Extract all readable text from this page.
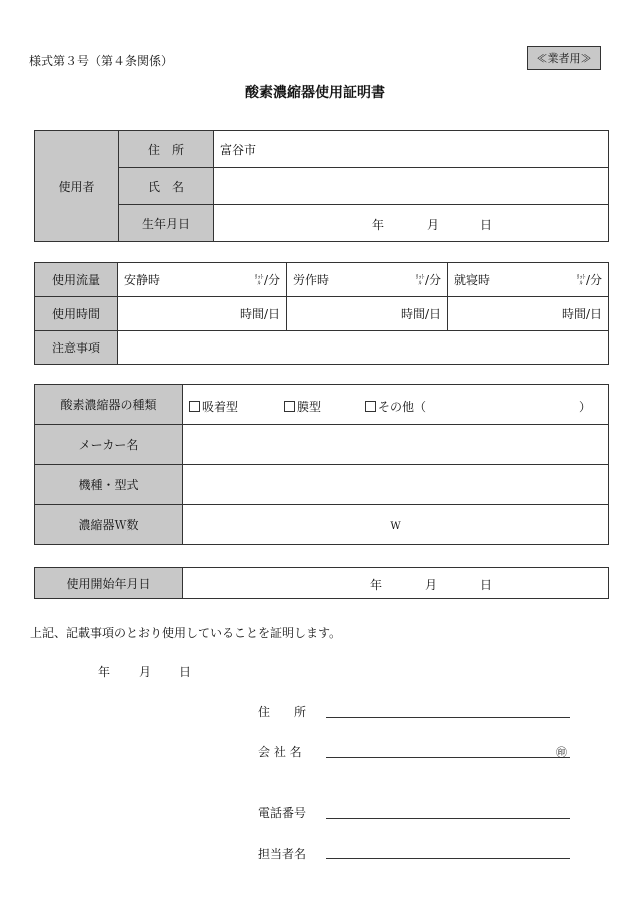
様式第３号（第４条関係）	≪業者用≫
酸素濃縮器使用証明書
使用者	住　所	富谷市
	氏　名	
	生年月日	年 月 日
使用流量	安静時 ﾘｯﾄﾙ /分	労作時 ﾘｯﾄﾙ /分	就寝時 ﾘｯﾄﾙ /分

使用時間	時間/日	時間/日	時間/日
注意事項			
酸素濃縮器の種類	吸着型 膜型 その他（ ）

メーカー名	
機種・型式	
濃縮器Ｗ数	W
使用開始年月日	年	月	日
上記、記載事項のとおり使用していることを証明します。
年 月 日
住　　所
会 社 名	㊞
電話番号
担当者名
